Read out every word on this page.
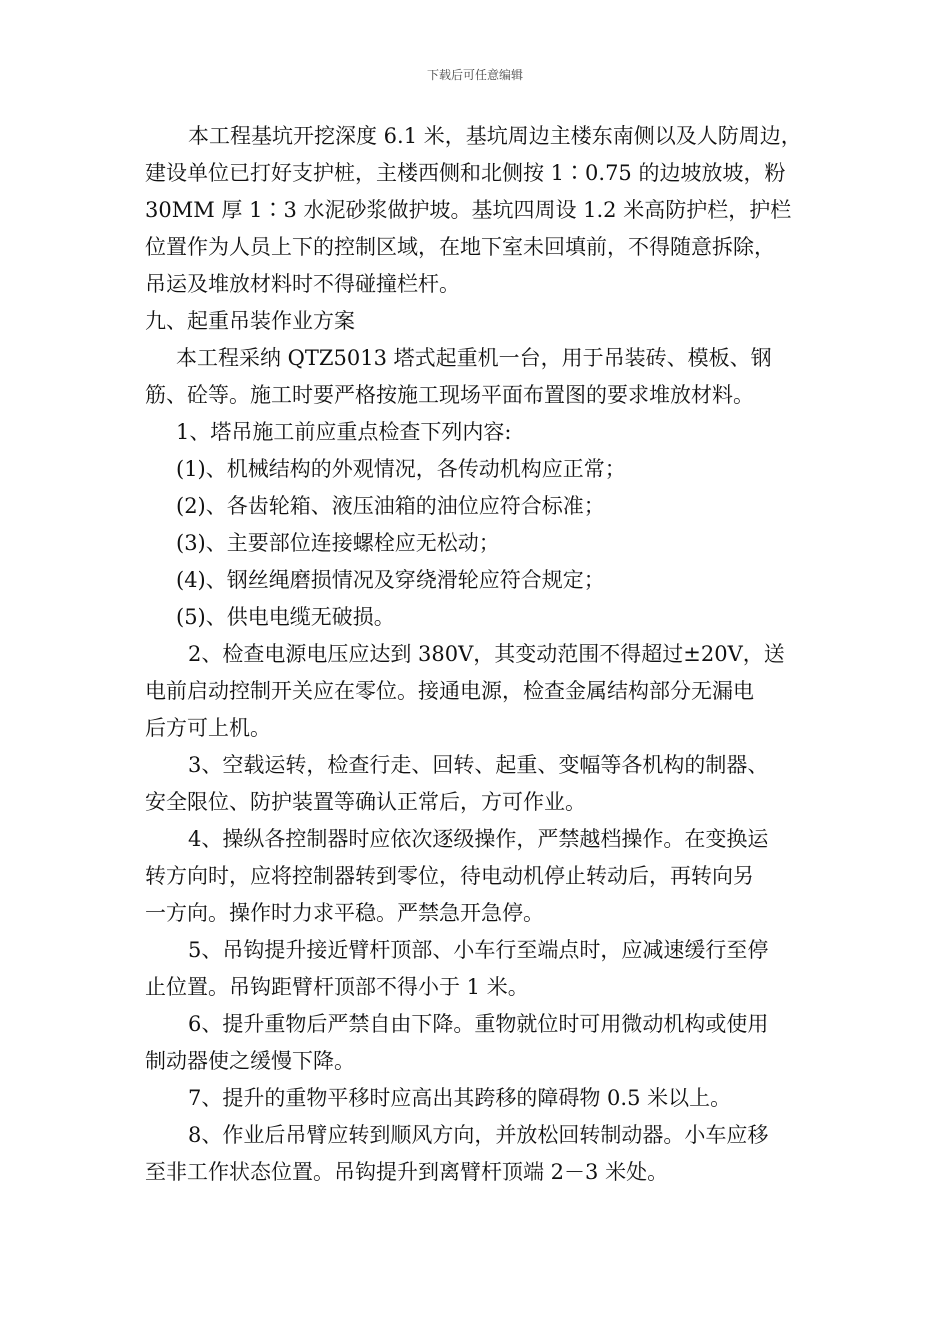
下载后可任意编辑
本工程基坑开挖深度 6.1 米，基坑周边主楼东南侧以及人防周边，
建设单位已打好支护桩，主楼西侧和北侧按 1∶0.75 的边坡放坡，粉
30MM 厚 1∶3 水泥砂浆做护坡。基坑四周设 1.2 米高防护栏，护栏
位置作为人员上下的控制区域，在地下室未回填前，不得随意拆除，
吊运及堆放材料时不得碰撞栏杆。
九、起重吊装作业方案
本工程采纳 QTZ5013 塔式起重机一台，用于吊装砖、模板、钢
筋、砼等。施工时要严格按施工现场平面布置图的要求堆放材料。
1、塔吊施工前应重点检查下列内容:
(1)、机械结构的外观情况，各传动机构应正常；
(2)、各齿轮箱、液压油箱的油位应符合标准；
(3)、主要部位连接螺栓应无松动；
(4)、钢丝绳磨损情况及穿绕滑轮应符合规定；
(5)、供电电缆无破损。
2、检查电源电压应达到 380V，其变动范围不得超过±20V，送
电前启动控制开关应在零位。接通电源，检查金属结构部分无漏电
后方可上机。
3、空载运转，检查行走、回转、起重、变幅等各机构的制器、
安全限位、防护装置等确认正常后，方可作业。
4、操纵各控制器时应依次逐级操作，严禁越档操作。在变换运
转方向时，应将控制器转到零位，待电动机停止转动后，再转向另
一方向。操作时力求平稳。严禁急开急停。
5、吊钩提升接近臂杆顶部、小车行至端点时，应减速缓行至停
止位置。吊钩距臂杆顶部不得小于 1 米。
6、提升重物后严禁自由下降。重物就位时可用微动机构或使用
制动器使之缓慢下降。
7、提升的重物平移时应高出其跨移的障碍物 0.5 米以上。
8、作业后吊臂应转到顺风方向，并放松回转制动器。小车应移
至非工作状态位置。吊钩提升到离臂杆顶端 2－3 米处。
